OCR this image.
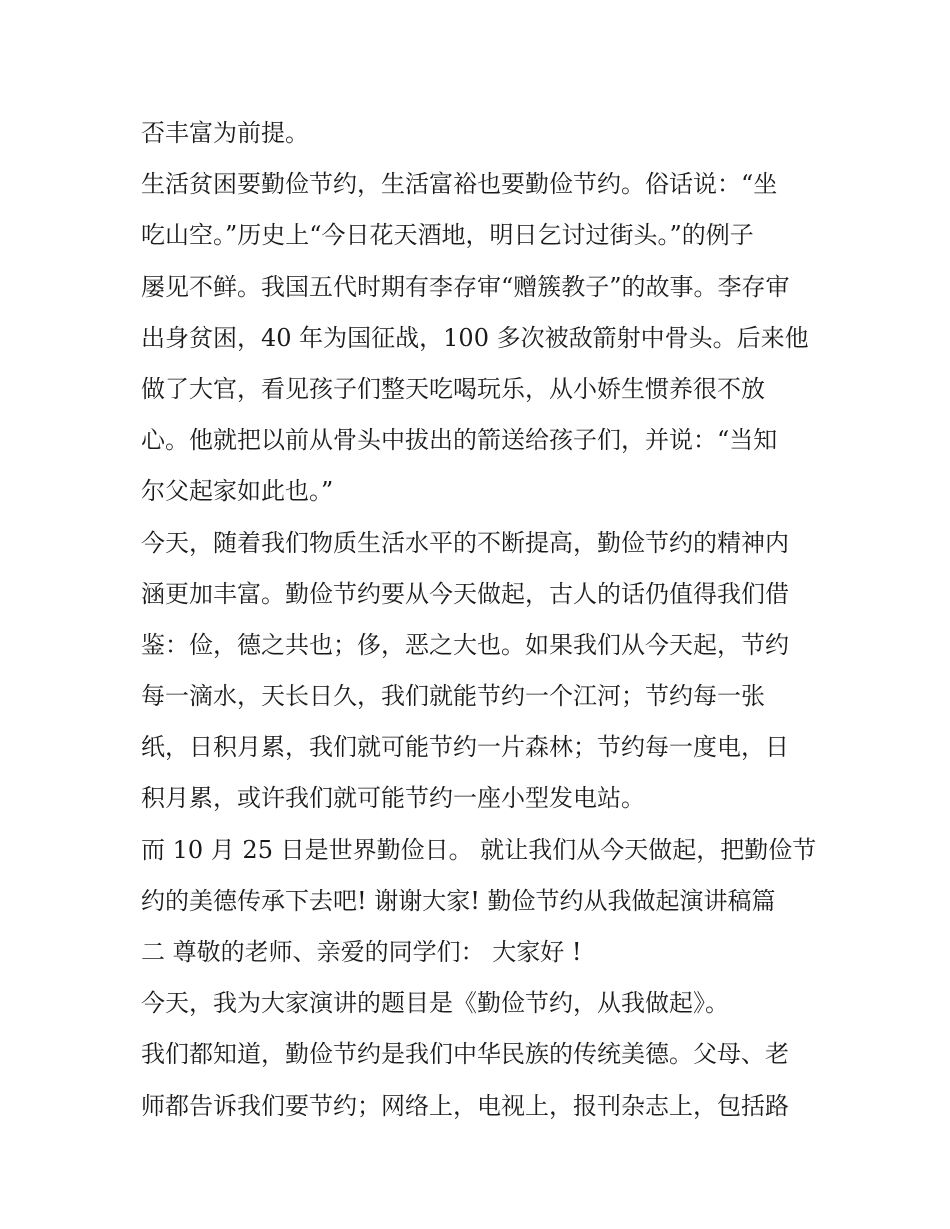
否丰富为前提。
生活贫困要勤俭节约，生活富裕也要勤俭节约。俗话说：“坐
吃山空。”历史上“今日花天酒地，明日乞讨过街头。”的例子
屡见不鲜。我国五代时期有李存审“赠簇教子”的故事。李存审
出身贫困，40 年为国征战，100 多次被敌箭射中骨头。后来他
做了大官，看见孩子们整天吃喝玩乐，从小娇生惯养很不放
心。他就把以前从骨头中拔出的箭送给孩子们，并说：“当知
尔父起家如此也。”
今天，随着我们物质生活水平的不断提高，勤俭节约的精神内
涵更加丰富。勤俭节约要从今天做起，古人的话仍值得我们借
鉴：俭，德之共也；侈，恶之大也。如果我们从今天起，节约
每一滴水，天长日久，我们就能节约一个江河；节约每一张
纸，日积月累，我们就可能节约一片森林；节约每一度电，日
积月累，或许我们就可能节约一座小型发电站。
而 10 月 25 日是世界勤俭日。 就让我们从今天做起，把勤俭节
约的美德传承下去吧! 谢谢大家! 勤俭节约从我做起演讲稿篇
二 尊敬的老师、亲爱的同学们： 大家好 !
今天，我为大家演讲的题目是《勤俭节约，从我做起》。
我们都知道，勤俭节约是我们中华民族的传统美德。父母、老
师都告诉我们要节约；网络上，电视上，报刊杂志上，包括路
